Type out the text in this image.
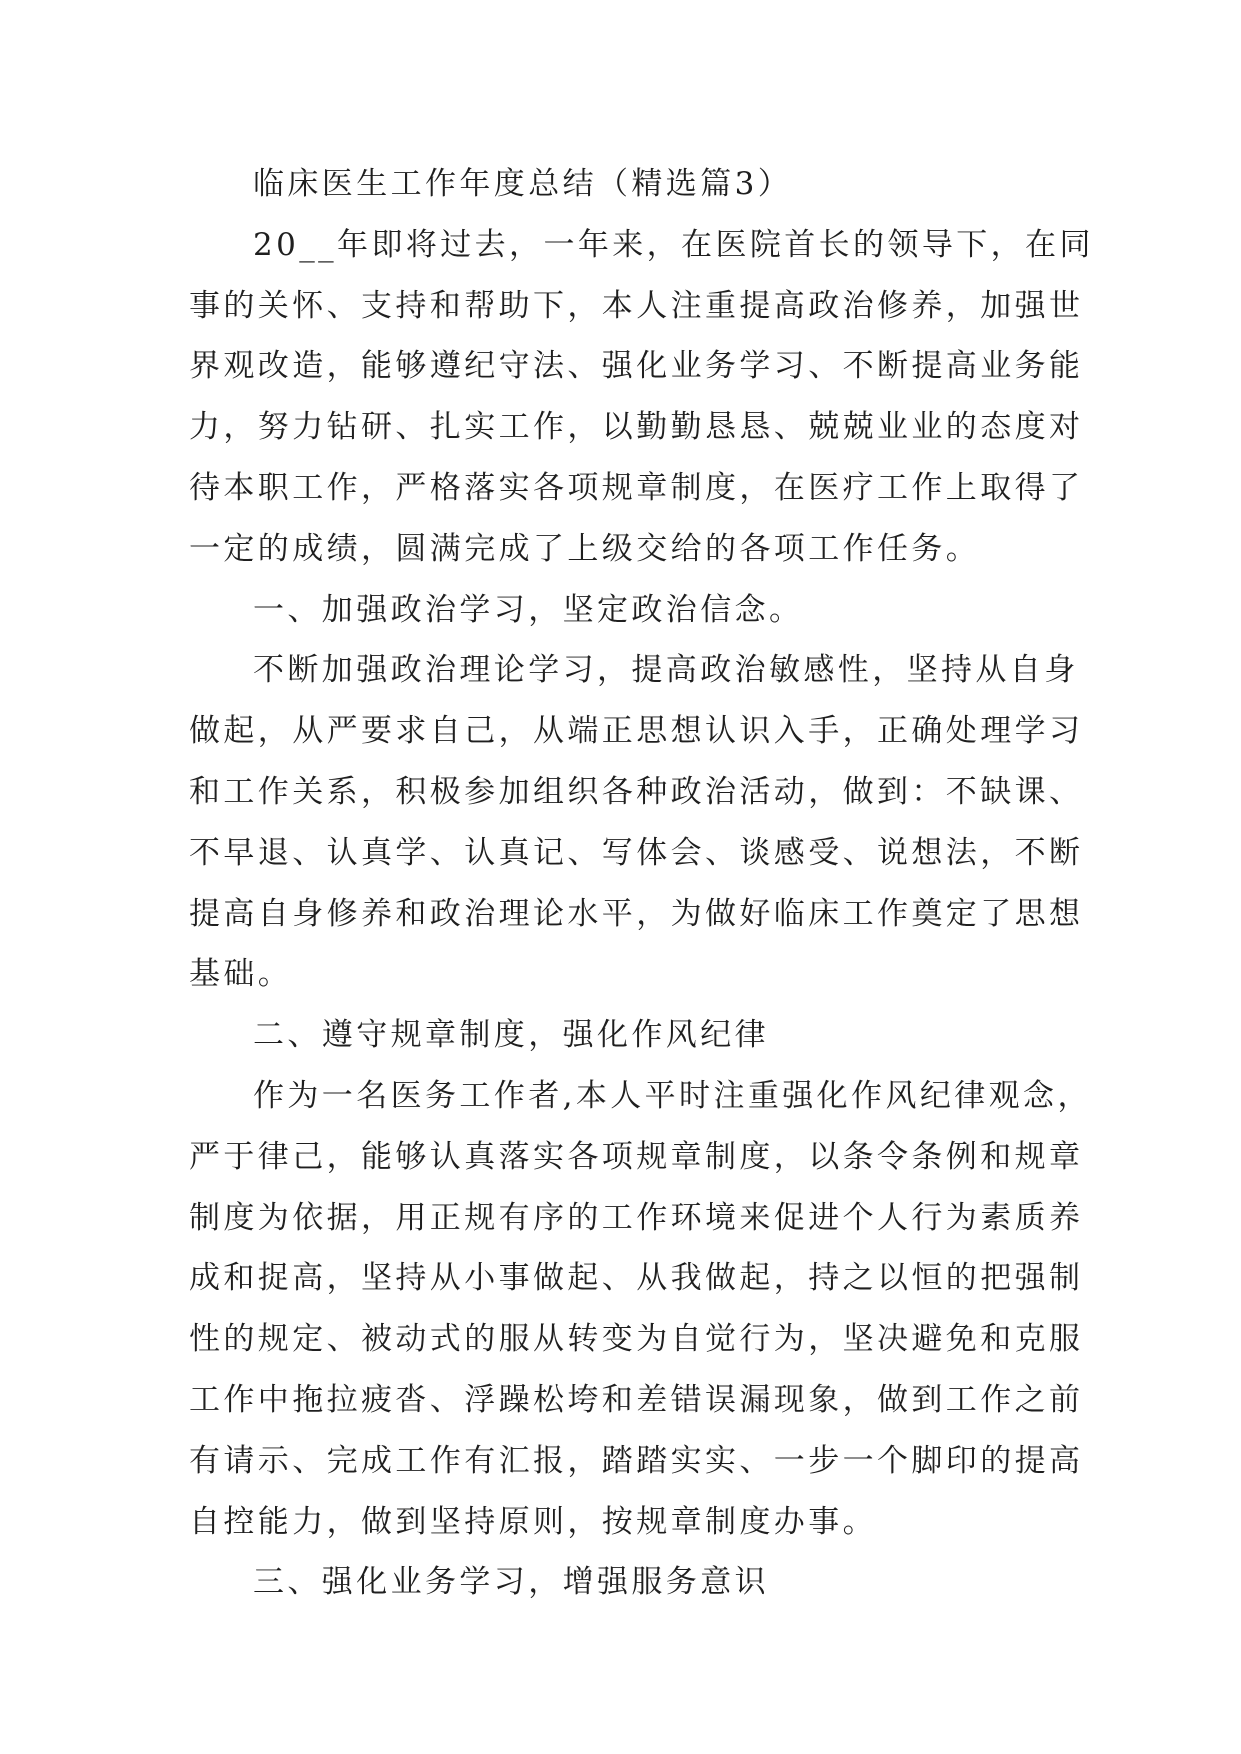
临床医生工作年度总结（精选篇3）
20__年即将过去，一年来，在医院首长的领导下，在同
事的关怀、支持和帮助下，本人注重提高政治修养，加强世
界观改造，能够遵纪守法、强化业务学习、不断提高业务能
力，努力钻研、扎实工作，以勤勤恳恳、兢兢业业的态度对
待本职工作，严格落实各项规章制度，在医疗工作上取得了
一定的成绩，圆满完成了上级交给的各项工作任务。
一、加强政治学习，坚定政治信念。
不断加强政治理论学习，提高政治敏感性，坚持从自身
做起，从严要求自己，从端正思想认识入手，正确处理学习
和工作关系，积极参加组织各种政治活动，做到：不缺课、
不早退、认真学、认真记、写体会、谈感受、说想法，不断
提高自身修养和政治理论水平，为做好临床工作奠定了思想
基础。
二、遵守规章制度，强化作风纪律
作为一名医务工作者,本人平时注重强化作风纪律观念，
严于律己，能够认真落实各项规章制度，以条令条例和规章
制度为依据，用正规有序的工作环境来促进个人行为素质养
成和捉高，坚持从小事做起、从我做起，持之以恒的把强制
性的规定、被动式的服从转变为自觉行为，坚决避免和克服
工作中拖拉疲沓、浮躁松垮和差错误漏现象，做到工作之前
有请示、完成工作有汇报，踏踏实实、一步一个脚印的提高
自控能力，做到坚持原则，按规章制度办事。
三、强化业务学习，增强服务意识
